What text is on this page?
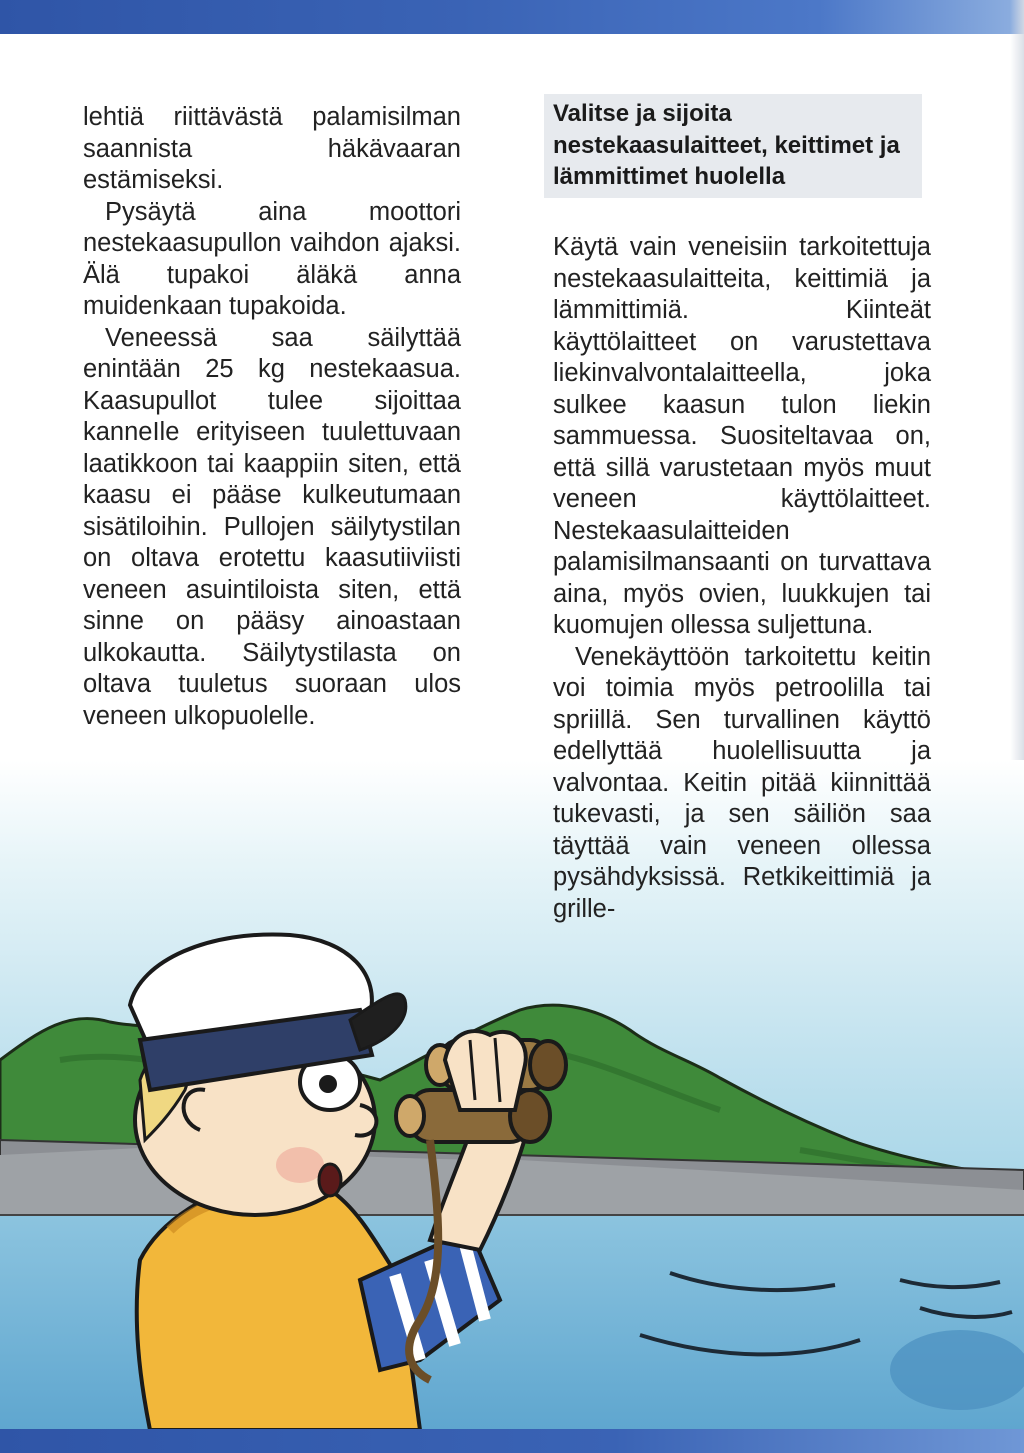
lehtiä riittävästä palamisilman saannista häkävaaran estämiseksi.

Pysäytä aina moottori nestekaasupullon vaihdon ajaksi. Älä tupakoi äläkä anna muidenkaan tupakoida.

Veneessä saa säilyttää enintään 25 kg nestekaasua. Kaasupullot tulee sijoittaa kanneIle erityiseen tuulettuvaan laatikkoon tai kaappiin siten, että kaasu ei pääse kulkeutumaan sisätiloihin. Pullojen säilytystilan on oltava erotettu kaasutiiviisti veneen asuintiloista siten, että sinne on pääsy ainoastaan ulkokautta. Säilytystilasta on oltava tuuletus suoraan ulos veneen ulkopuolelle.

Valitse ja sijoita nestekaasulaitteet, keittimet ja lämmittimet huolella

Käytä vain veneisiin tarkoitettuja nestekaasulaitteita, keittimiä ja lämmittimiä. Kiinteät käyttölaitteet on varustettava liekinvalvontalaitteella, joka sulkee kaasun tulon liekin sammuessa. Suositeltavaa on, että sillä varustetaan myös muut veneen käyttölaitteet. Nestekaasulaitteiden palamisilmansaanti on turvattava aina, myös ovien, luukkujen tai kuomujen ollessa suljettuna.

Venekäyttöön tarkoitettu keitin voi toimia myös petroolilla tai spriillä. Sen turvallinen käyttö edellyttää huolellisuutta ja valvontaa. Keitin pitää kiinnittää tukevasti, ja sen säiliön saa täyttää vain veneen ollessa pysähdyksissä. Retkikeittimiä ja grille-
